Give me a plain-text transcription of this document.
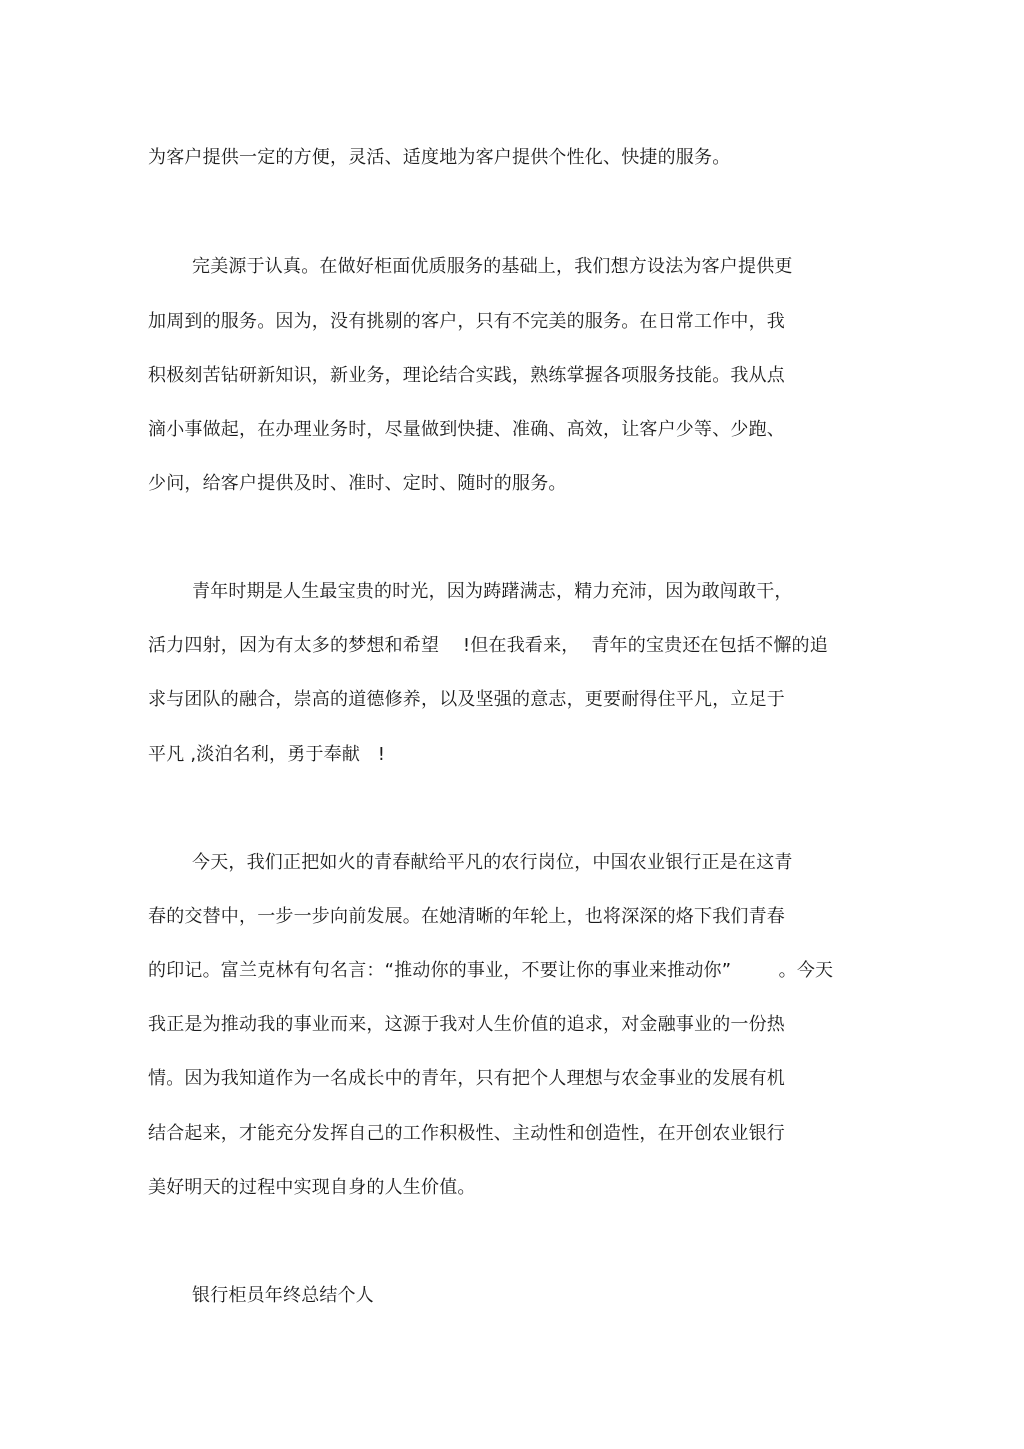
为客户提供一定的方便，灵活、适度地为客户提供个性化、快捷的服务。
完美源于认真。在做好柜面优质服务的基础上，我们想方设法为客户提供更
加周到的服务。因为，没有挑剔的客户，只有不完美的服务。在日常工作中，我
积极刻苦钻研新知识，新业务，理论结合实践，熟练掌握各项服务技能。我从点
滴小事做起，在办理业务时，尽量做到快捷、准确、高效，让客户少等、少跑、
少问，给客户提供及时、准时、定时、随时的服务。
青年时期是人生最宝贵的时光，因为踌躇满志，精力充沛，因为敢闯敢干，
活力四射，因为有太多的梦想和希望    !但在我看来，  青年的宝贵还在包括不懈的追
求与团队的融合，崇高的道德修养，以及坚强的意志，更要耐得住平凡，立足于
平凡 ,淡泊名利，勇于奉献   !
今天，我们正把如火的青春献给平凡的农行岗位，中国农业银行正是在这青
春的交替中，一步一步向前发展。在她清晰的年轮上，也将深深的烙下我们青春
的印记。富兰克林有句名言：“推动你的事业，不要让你的事业来推动你”        。今天
我正是为推动我的事业而来，这源于我对人生价值的追求，对金融事业的一份热
情。因为我知道作为一名成长中的青年，只有把个人理想与农金事业的发展有机
结合起来，才能充分发挥自己的工作积极性、主动性和创造性，在开创农业银行
美好明天的过程中实现自身的人生价值。
银行柜员年终总结个人
